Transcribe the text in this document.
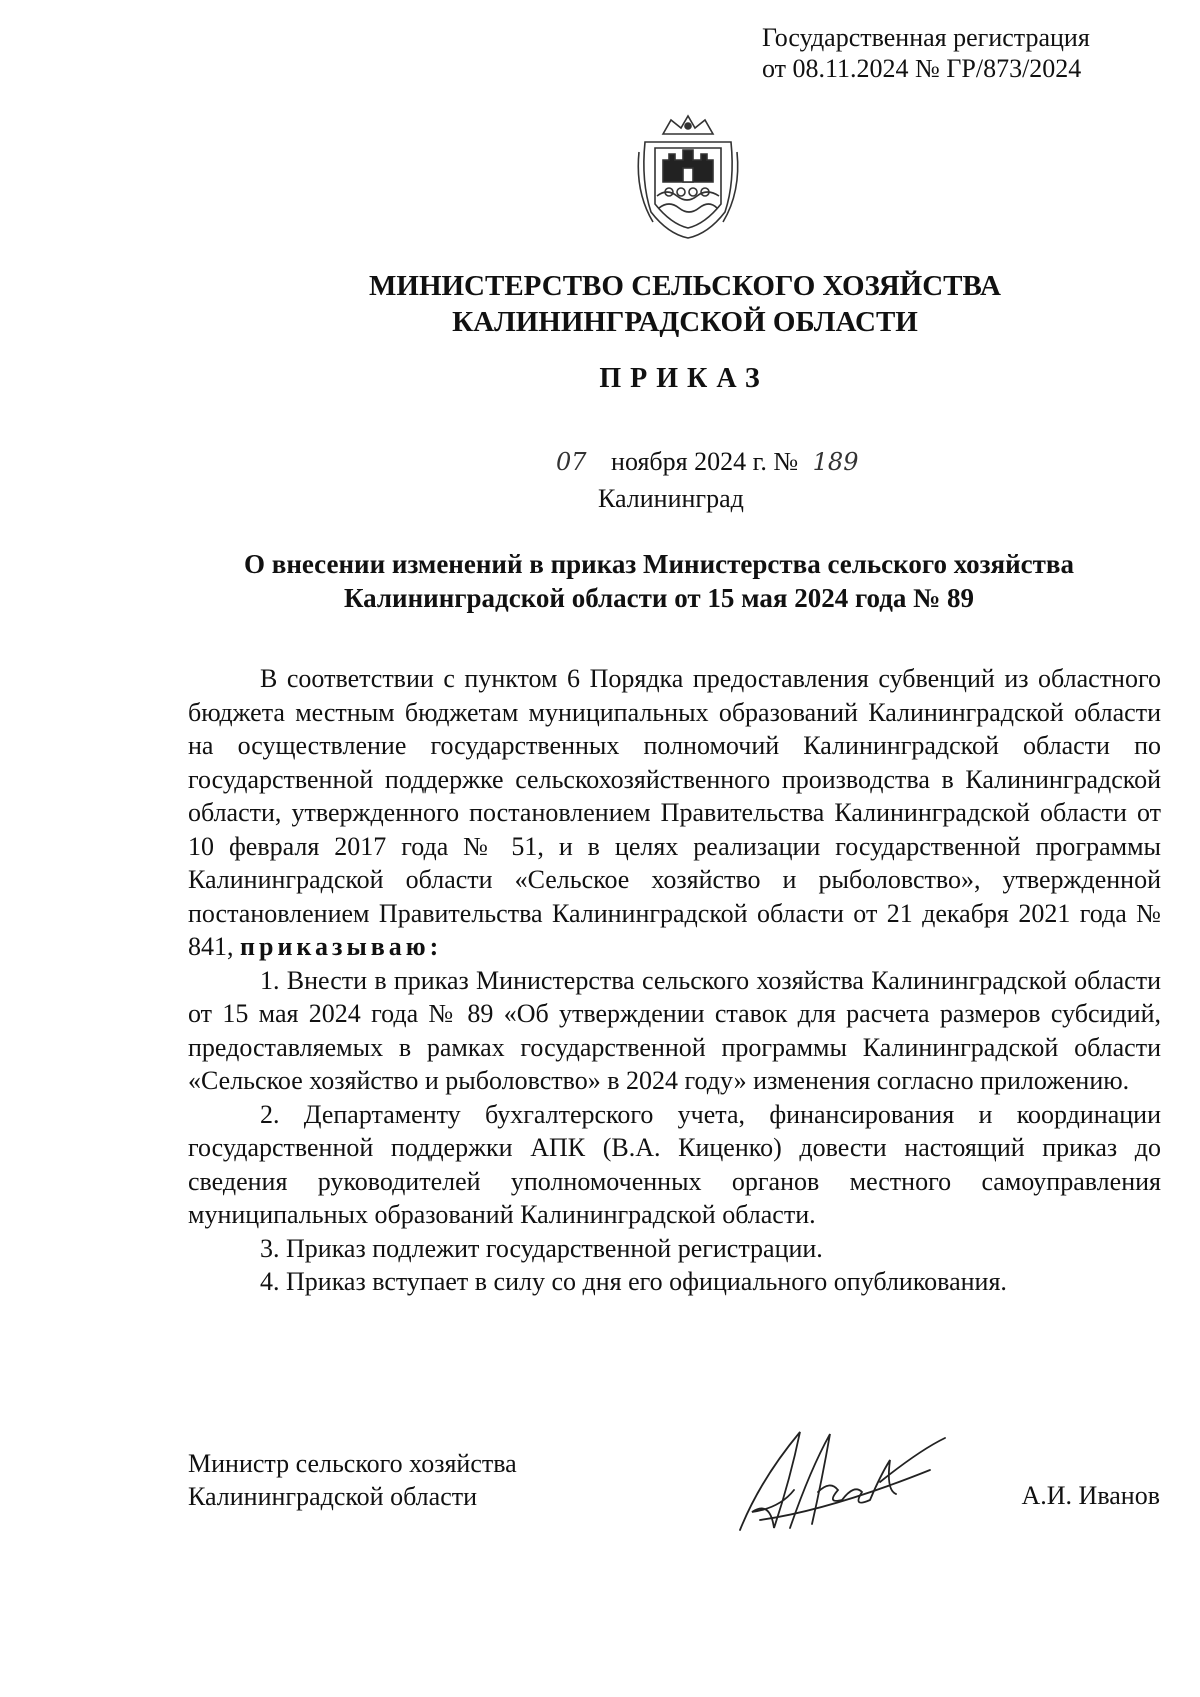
Государственная регистрация
от 08.11.2024 № ГР/873/2024
МИНИСТЕРСТВО СЕЛЬСКОГО ХОЗЯЙСТВА
КАЛИНИНГРАДСКОЙ ОБЛАСТИ
ПРИКАЗ
07 ноября 2024 г. № 189
Калининград
О внесении изменений в приказ Министерства сельского хозяйства
Калининградской области от 15 мая 2024 года № 89

В соответствии с пунктом 6 Порядка предоставления субвенций из областного бюджета местным бюджетам муниципальных образований Калининградской области на осуществление государственных полномочий Калининградской области по государственной поддержке сельскохозяйственного производства в Калининградской области, утвержденного постановлением Правительства Калининградской области от 10 февраля 2017 года № 51, и в целях реализации государственной программы Калининградской области «Сельское хозяйство и рыболовство», утвержденной постановлением Правительства Калининградской области от 21 декабря 2021 года № 841, приказываю:

1. Внести в приказ Министерства сельского хозяйства Калининградской области от 15 мая 2024 года № 89 «Об утверждении ставок для расчета размеров субсидий, предоставляемых в рамках государственной программы Калининградской области «Сельское хозяйство и рыболовство» в 2024 году» изменения согласно приложению.

2. Департаменту бухгалтерского учета, финансирования и координации государственной поддержки АПК (В.А. Киценко) довести настоящий приказ до сведения руководителей уполномоченных органов местного самоуправления муниципальных образований Калининградской области.

3. Приказ подлежит государственной регистрации.

4. Приказ вступает в силу со дня его официального опубликования.

Министр сельского хозяйства
Калининградской области	А.И. Иванов
